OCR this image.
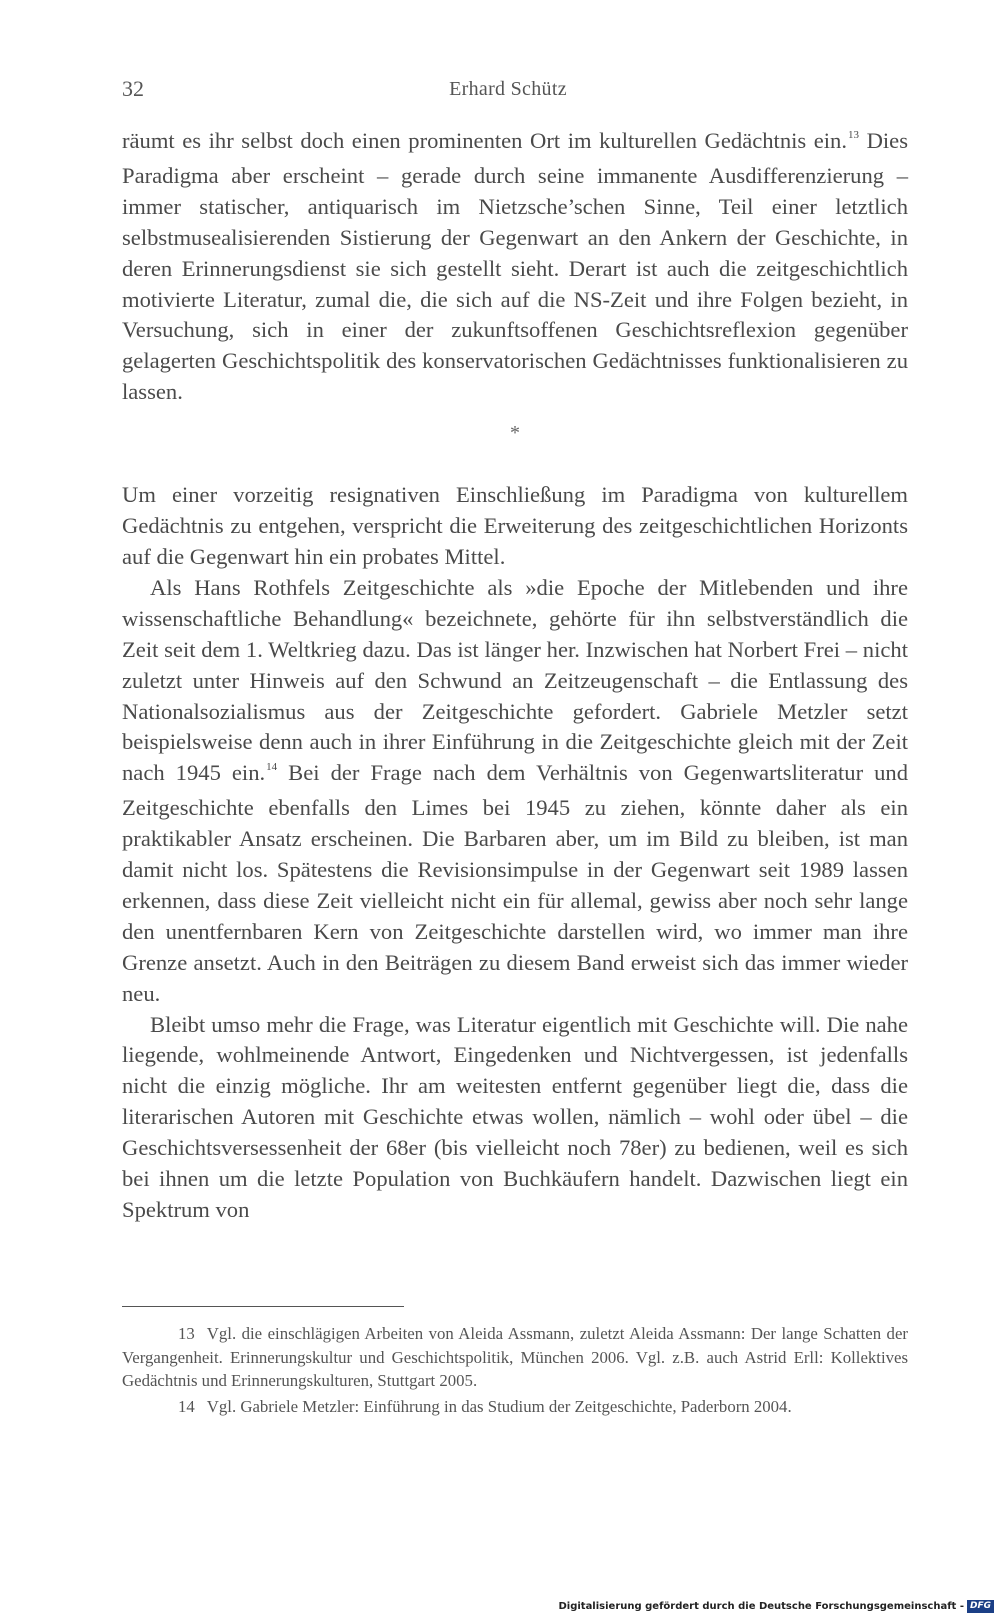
32	Erhard Schütz

räumt es ihr selbst doch einen prominenten Ort im kulturellen Gedächtnis ein.$^{13}$ Dies Paradigma aber erscheint – gerade durch seine immanente Ausdifferenzierung – immer statischer, antiquarisch im Nietzsche’schen Sinne, Teil einer letztlich selbstmusealisierenden Sistierung der Gegenwart an den Ankern der Geschichte, in deren Erinnerungsdienst sie sich gestellt sieht. Derart ist auch die zeitgeschichtlich motivierte Literatur, zumal die, die sich auf die NS-Zeit und ihre Folgen bezieht, in Versuchung, sich in einer der zukunftsoffenen Geschichtsreflexion gegenüber gelagerten Geschichtspolitik des konservatorischen Gedächtnisses funktionalisieren zu lassen.

*

Um einer vorzeitig resignativen Einschließung im Paradigma von kulturellem Gedächtnis zu entgehen, verspricht die Erweiterung des zeitgeschichtlichen Horizonts auf die Gegenwart hin ein probates Mittel.

Als Hans Rothfels Zeitgeschichte als »die Epoche der Mitlebenden und ihre wissenschaftliche Behandlung« bezeichnete, gehörte für ihn selbstverständlich die Zeit seit dem 1. Weltkrieg dazu. Das ist länger her. Inzwischen hat Norbert Frei – nicht zuletzt unter Hinweis auf den Schwund an Zeitzeugenschaft – die Entlassung des Nationalsozialismus aus der Zeitgeschichte gefordert. Gabriele Metzler setzt beispielsweise denn auch in ihrer Einführung in die Zeitgeschichte gleich mit der Zeit nach 1945 ein.$^{14}$ Bei der Frage nach dem Verhältnis von Gegenwartsliteratur und Zeitgeschichte ebenfalls den Limes bei 1945 zu ziehen, könnte daher als ein praktikabler Ansatz erscheinen. Die Barbaren aber, um im Bild zu bleiben, ist man damit nicht los. Spätestens die Revisionsimpulse in der Gegenwart seit 1989 lassen erkennen, dass diese Zeit vielleicht nicht ein für allemal, gewiss aber noch sehr lange den unentfernbaren Kern von Zeitgeschichte darstellen wird, wo immer man ihre Grenze ansetzt. Auch in den Beiträgen zu diesem Band erweist sich das immer wieder neu.

Bleibt umso mehr die Frage, was Literatur eigentlich mit Geschichte will. Die nahe liegende, wohlmeinende Antwort, Eingedenken und Nichtvergessen, ist jedenfalls nicht die einzig mögliche. Ihr am weitesten entfernt gegenüber liegt die, dass die literarischen Autoren mit Geschichte etwas wollen, nämlich – wohl oder übel – die Geschichtsversessenheit der 68er (bis vielleicht noch 78er) zu bedienen, weil es sich bei ihnen um die letzte Population von Buchkäufern handelt. Dazwischen liegt ein Spektrum von

13 Vgl. die einschlägigen Arbeiten von Aleida Assmann, zuletzt Aleida Assmann: Der lange Schatten der Vergangenheit. Erinnerungskultur und Geschichtspolitik, München 2006. Vgl. z.B. auch Astrid Erll: Kollektives Gedächtnis und Erinnerungskulturen, Stuttgart 2005.

14 Vgl. Gabriele Metzler: Einführung in das Studium der Zeitgeschichte, Paderborn 2004.

Digitalisierung gefördert durch die Deutsche Forschungsgemeinschaft - DFG
